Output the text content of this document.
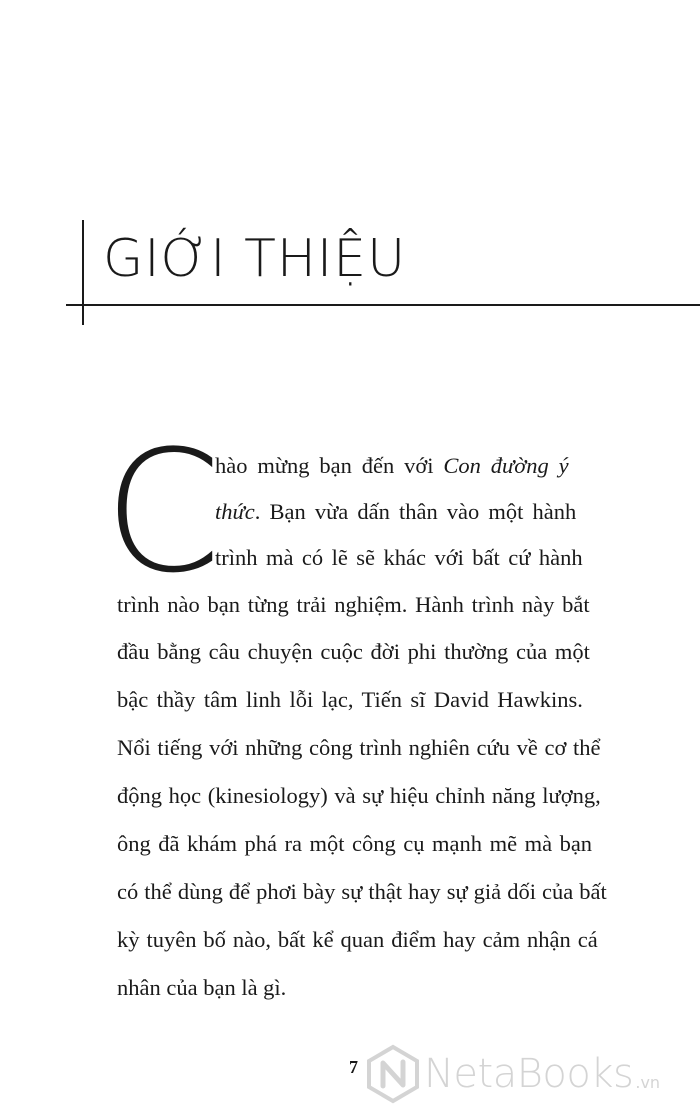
GIỚI THIỆU
C
hào mừng bạn đến với Con đường ý
thức. Bạn vừa dấn thân vào một hành
trình mà có lẽ sẽ khác với bất cứ hành
trình nào bạn từng trải nghiệm. Hành trình này bắt
đầu bằng câu chuyện cuộc đời phi thường của một
bậc thầy tâm linh lỗi lạc, Tiến sĩ David Hawkins.
Nổi tiếng với những công trình nghiên cứu về cơ thể
động học (kinesiology) và sự hiệu chỉnh năng lượng,
ông đã khám phá ra một công cụ mạnh mẽ mà bạn
có thể dùng để phơi bày sự thật hay sự giả dối của bất
kỳ tuyên bố nào, bất kể quan điểm hay cảm nhận cá
nhân của bạn là gì.
7 NetaBooks .vn
